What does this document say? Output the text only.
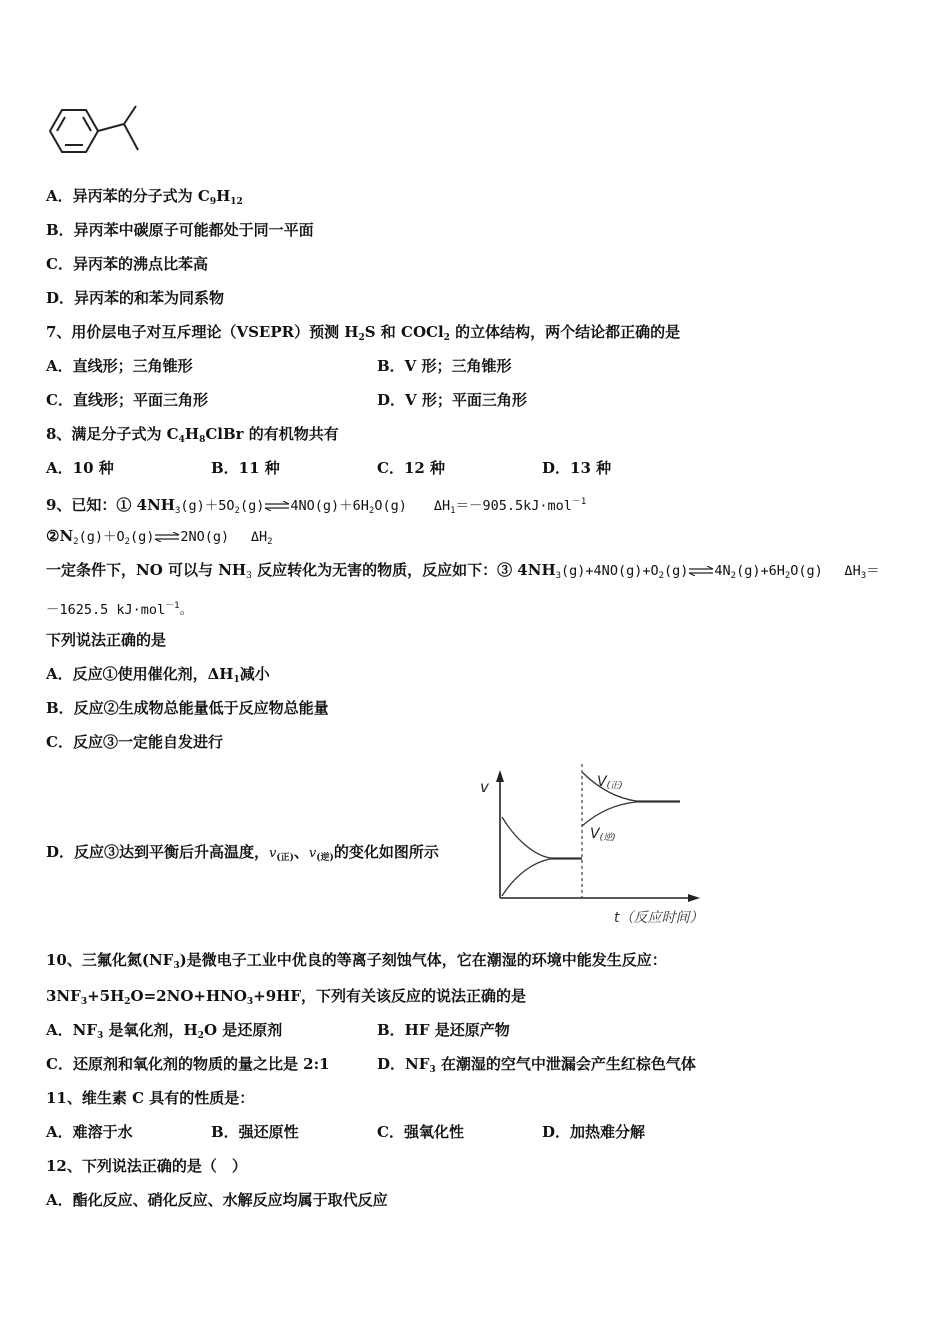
A．异丙苯的分子式为 $C_9H_{12}$
B．异丙苯中碳原子可能都处于同一平面
C．异丙苯的沸点比苯高
D．异丙苯的和苯为同系物
7、用价层电子对互斥理论（VSEPR）预测 $H_2S$ 和 COCl$_2$ 的立体结构，两个结论都正确的是
A．直线形；三角锥形	B．V 形；三角锥形
C．直线形；平面三角形	D．V 形；平面三角形
8、满足分子式为 $C_4H_8ClBr$ 的有机物共有
A．10 种	B．11 种	C．12 种	D．13 种
9、已知：① $4NH_3(g)+5O_2(g)\rightleftharpoons 4NO(g)+6H_2O(g)$　　$\Delta H_1=-905.5kJ\cdot mol^{-1}$
$②N_2(g)+O_2(g)\rightleftharpoons 2NO(g)$　 $\Delta H_2$
一定条件下，NO 可以与 $NH_3$ 反应转化为无害的物质，反应如下：③ $4NH_3(g)+4NO(g)+O_2(g)\rightleftharpoons 4N_2(g)+6H_2O(g)$　 $\Delta H_3=$
－1625.5 kJ·mol$^{-1}$。
下列说法正确的是
A．反应①使用催化剂，$\Delta H_1$减小
B．反应②生成物总能量低于反应物总能量
C．反应③一定能自发进行
D．反应③达到平衡后升高温度，$v_{(正)}$、$v_{(逆)}$的变化如图所示
v
t（反应时间）
V(正)
V(逆)
10、三氟化氮$(NF_3)$是微电子工业中优良的等离子刻蚀气体，它在潮湿的环境中能发生反应：
$3NF_3+5H_2O=2NO+HNO_3+9HF$，下列有关该反应的说法正确的是
A．$NF_3$ 是氧化剂，$H_2O$ 是还原剂	B．HF 是还原产物
C．还原剂和氧化剂的物质的量之比是 2:1	D．$NF_3$ 在潮湿的空气中泄漏会产生红棕色气体
11、维生素 C 具有的性质是：
A．难溶于水	B．强还原性	C．强氧化性	D．加热难分解
12、下列说法正确的是（　）
A．酯化反应、硝化反应、水解反应均属于取代反应
